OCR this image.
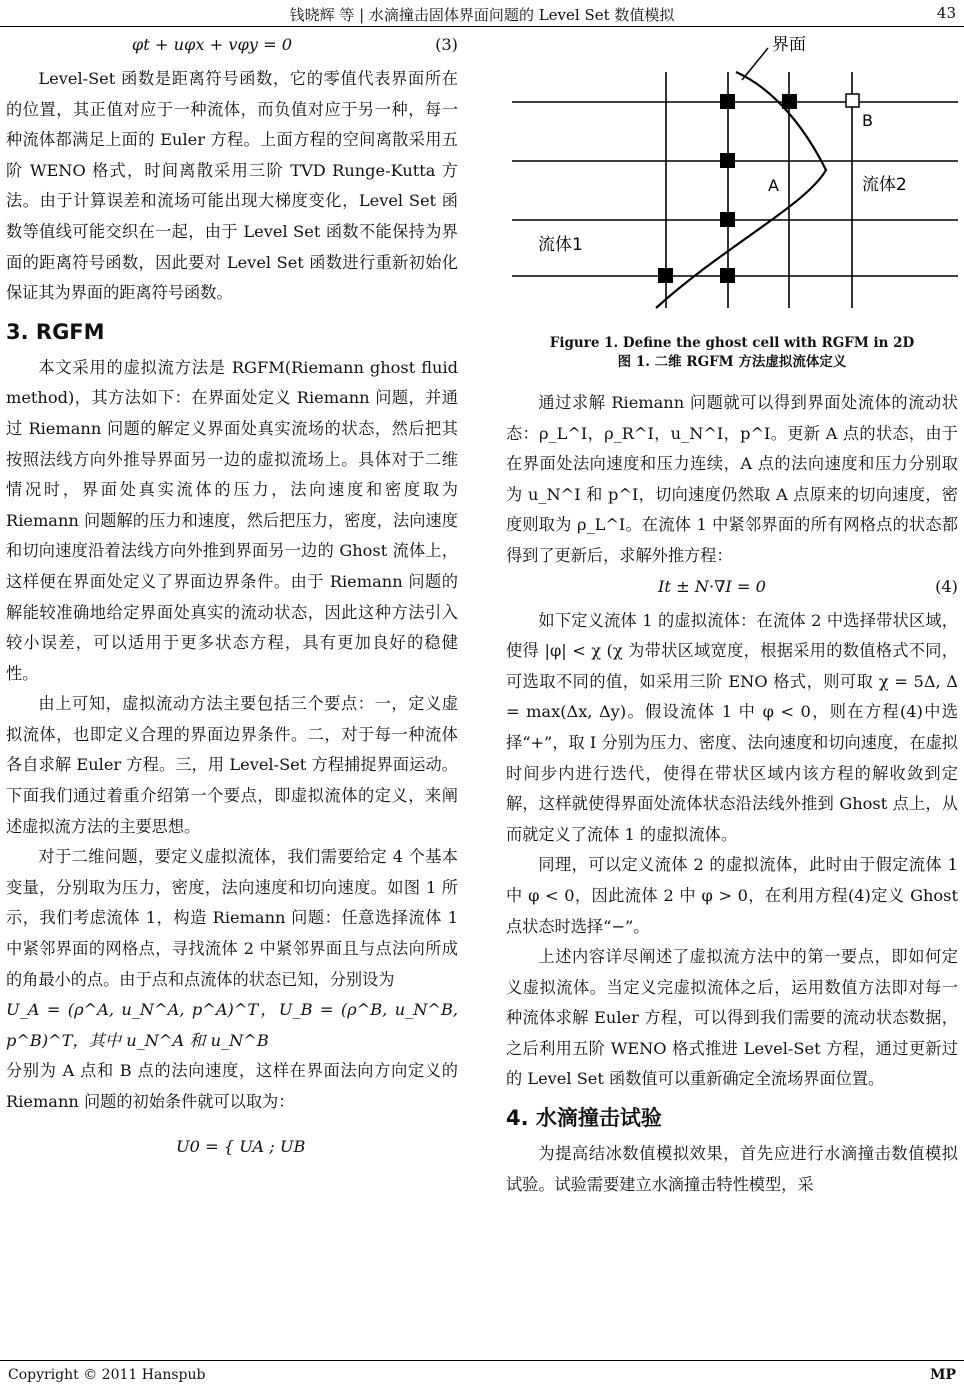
钱晓辉 等 | 水滴撞击固体界面问题的 Level Set 数值模拟	43
φt + uφx + vφy = 0	(3)

Level-Set 函数是距离符号函数，它的零值代表界面所在的位置，其正值对应于一种流体，而负值对应于另一种，每一种流体都满足上面的 Euler 方程。上面方程的空间离散采用五阶 WENO 格式，时间离散采用三阶 TVD Runge-Kutta 方法。由于计算误差和流场可能出现大梯度变化，Level Set 函数等值线可能交织在一起，由于 Level Set 函数不能保持为界面的距离符号函数，因此要对 Level Set 函数进行重新初始化保证其为界面的距离符号函数。

3. RGFM

本文采用的虚拟流方法是 RGFM(Riemann ghost fluid method)，其方法如下：在界面处定义 Riemann 问题，并通过 Riemann 问题的解定义界面处真实流场的状态，然后把其按照法线方向外推导界面另一边的虚拟流场上。具体对于二维情况时，界面处真实流体的压力，法向速度和密度取为 Riemann 问题解的压力和速度，然后把压力，密度，法向速度和切向速度沿着法线方向外推到界面另一边的 Ghost 流体上，这样便在界面处定义了界面边界条件。由于 Riemann 问题的解能较准确地给定界面处真实的流动状态，因此这种方法引入较小误差，可以适用于更多状态方程，具有更加良好的稳健性。

由上可知，虚拟流动方法主要包括三个要点：一，定义虚拟流体，也即定义合理的界面边界条件。二，对于每一种流体各自求解 Euler 方程。三，用 Level-Set 方程捕捉界面运动。下面我们通过着重介绍第一个要点，即虚拟流体的定义，来阐述虚拟流方法的主要思想。

对于二维问题，要定义虚拟流体，我们需要给定 4 个基本变量，分别取为压力，密度，法向速度和切向速度。如图 1 所示，我们考虑流体 1，构造 Riemann 问题：任意选择流体 1 中紧邻界面的网格点，寻找流体 2 中紧邻界面且与点法向所成的角最小的点。由于点和点流体的状态已知，分别设为

U_A = (ρ^A, u_N^A, p^A)^T，U_B = (ρ^B, u_N^B, p^B)^T，其中 u_N^A 和 u_N^B

分别为 A 点和 B 点的法向速度，这样在界面法向方向定义的 Riemann 问题的初始条件就可以取为：

U0 = { UA ; UB
界面
B
A	流体2
流体1
Figure 1. Define the ghost cell with RGFM in 2D
图 1. 二维 RGFM 方法虚拟流体定义

通过求解 Riemann 问题就可以得到界面处流体的流动状态：ρ_L^I，ρ_R^I，u_N^I，p^I。更新 A 点的状态，由于在界面处法向速度和压力连续，A 点的法向速度和压力分别取为 u_N^I 和 p^I，切向速度仍然取 A 点原来的切向速度，密度则取为 ρ_L^I。在流体 1 中紧邻界面的所有网格点的状态都得到了更新后，求解外推方程：

It ± N·∇I = 0	(4)

如下定义流体 1 的虚拟流体：在流体 2 中选择带状区域，使得 |φ| < χ (χ 为带状区域宽度，根据采用的数值格式不同，可选取不同的值，如采用三阶 ENO 格式，则可取 χ = 5Δ, Δ = max(Δx, Δy)。假设流体 1 中 φ < 0，则在方程(4)中选择“+”，取 I 分别为压力、密度、法向速度和切向速度，在虚拟时间步内进行迭代，使得在带状区域内该方程的解收敛到定解，这样就使得界面处流体状态沿法线外推到 Ghost 点上，从而就定义了流体 1 的虚拟流体。

同理，可以定义流体 2 的虚拟流体，此时由于假定流体 1 中 φ < 0，因此流体 2 中 φ > 0，在利用方程(4)定义 Ghost 点状态时选择“−”。

上述内容详尽阐述了虚拟流方法中的第一要点，即如何定义虚拟流体。当定义完虚拟流体之后，运用数值方法即对每一种流体求解 Euler 方程，可以得到我们需要的流动状态数据，之后利用五阶 WENO 格式推进 Level-Set 方程，通过更新过的 Level Set 函数值可以重新确定全流场界面位置。

4. 水滴撞击试验

为提高结冰数值模拟效果，首先应进行水滴撞击数值模拟试验。试验需要建立水滴撞击特性模型，采

Copyright © 2011 Hanspub	MP
